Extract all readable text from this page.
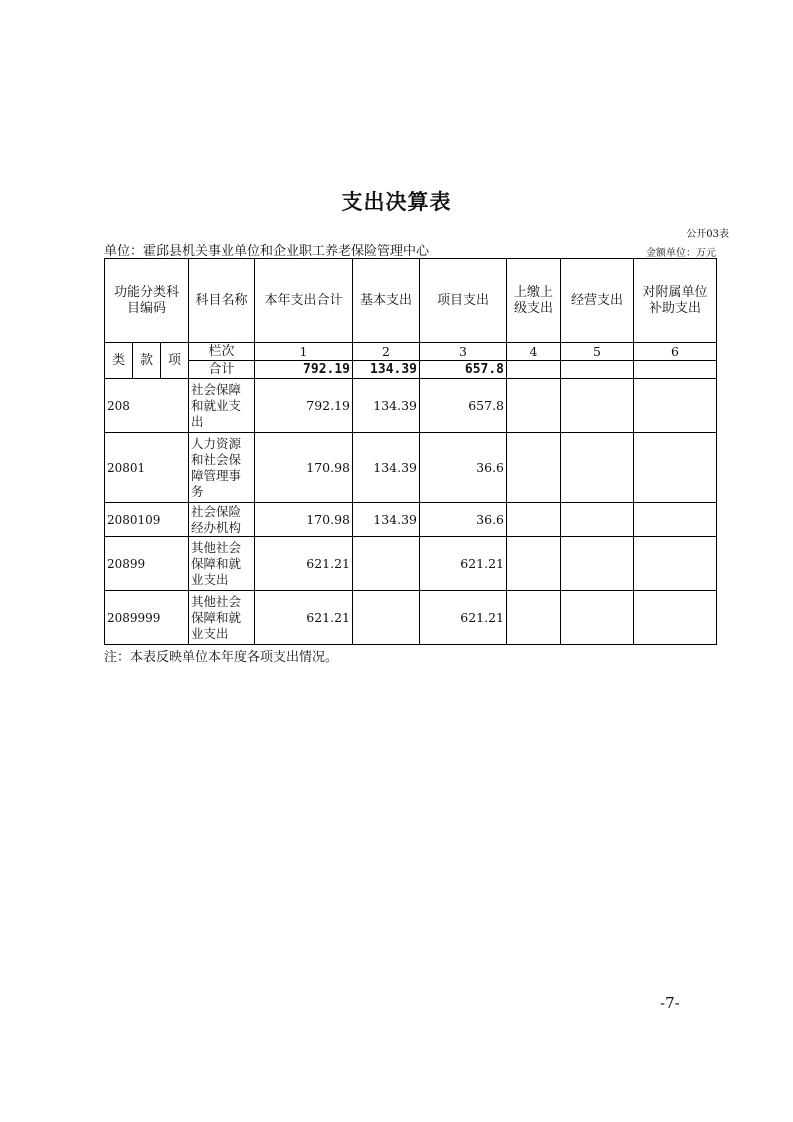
支出决算表
公开03表
单位：霍邱县机关事业单位和企业职工养老保险管理中心	金额单位：万元
功能分类科目编码			科目名称	本年支出合计	基本支出	项目支出	上缴上级支出	经营支出	对附属单位补助支出
类	款	项	栏次	1	2	3	4	5	6
			合计	792.19	134.39	657.8			
208			社会保障和就业支出	792.19	134.39	657.8			
20801			人力资源和社会保障管理事务	170.98	134.39	36.6			
2080109			社会保险经办机构	170.98	134.39	36.6			
20899			其他社会保障和就业支出	621.21		621.21			
2089999			其他社会保障和就业支出	621.21		621.21			
注：本表反映单位本年度各项支出情况。
-7-
